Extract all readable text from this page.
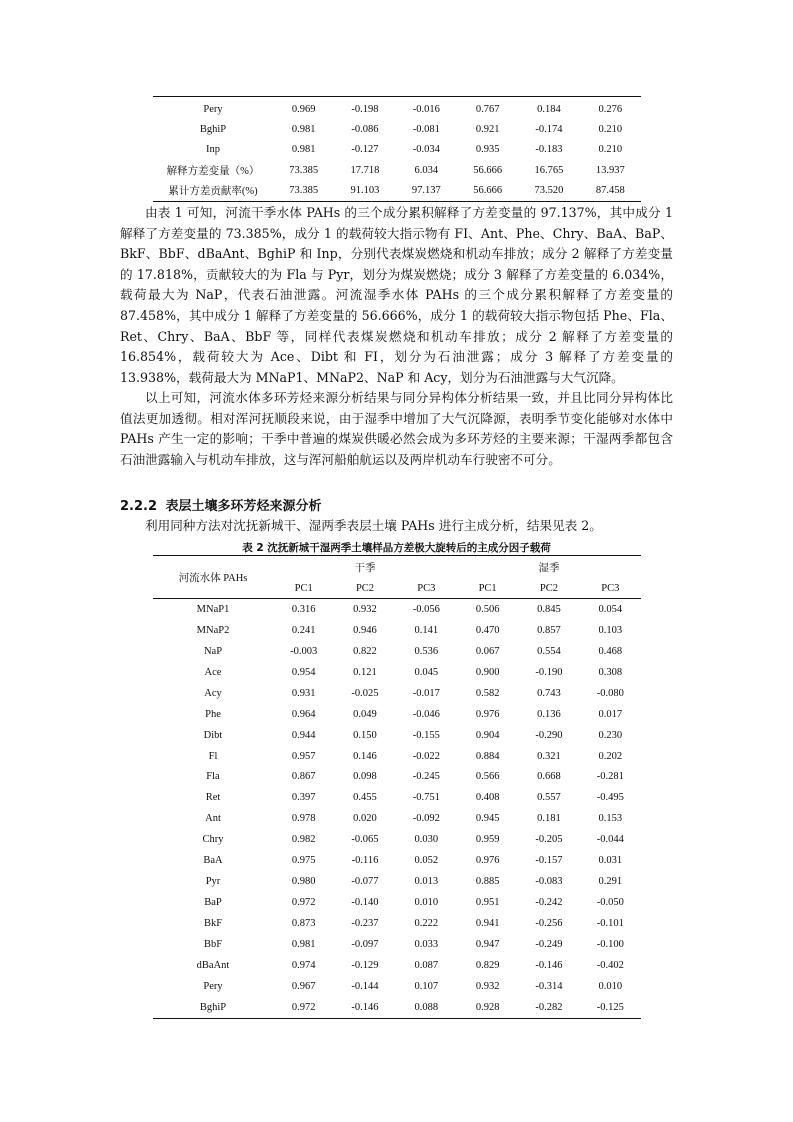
Pery	0.969	-0.198	-0.016	0.767	0.184	0.276
BghiP	0.981	-0.086	-0.081	0.921	-0.174	0.210
Inp	0.981	-0.127	-0.034	0.935	-0.183	0.210
解释方差变量（%）	73.385	17.718	6.034	56.666	16.765	13.937
累计方差贡献率(%)	73.385	91.103	97.137	56.666	73.520	87.458

由表 1 可知，河流干季水体 PAHs 的三个成分累积解释了方差变量的 97.137%，其中成分 1 解释了方差变量的 73.385%，成分 1 的载荷较大指示物有 FI、Ant、Phe、Chry、BaA、BaP、BkF、BbF、dBaAnt、BghiP 和 Inp，分别代表煤炭燃烧和机动车排放；成分 2 解释了方差变量的 17.818%，贡献较大的为 Fla 与 Pyr，划分为煤炭燃烧；成分 3 解释了方差变量的 6.034%，载荷最大为 NaP，代表石油泄露。河流湿季水体 PAHs 的三个成分累积解释了方差变量的 87.458%，其中成分 1 解释了方差变量的 56.666%，成分 1 的载荷较大指示物包括 Phe、Fla、Ret、Chry、BaA、BbF 等，同样代表煤炭燃烧和机动车排放；成分 2 解释了方差变量的 16.854%，载荷较大为 Ace、Dibt 和 FI，划分为石油泄露；成分 3 解释了方差变量的 13.938%，载荷最大为 MNaP1、MNaP2、NaP 和 Acy，划分为石油泄露与大气沉降。

以上可知，河流水体多环芳烃来源分析结果与同分异构体分析结果一致，并且比同分异构体比值法更加透彻。相对浑河抚顺段来说，由于湿季中增加了大气沉降源，表明季节变化能够对水体中 PAHs 产生一定的影响；干季中普遍的煤炭供暖必然会成为多环芳烃的主要来源；干湿两季都包含石油泄露输入与机动车排放，这与浑河船舶航运以及两岸机动车行驶密不可分。

2.2.2 表层土壤多环芳烃来源分析
利用同种方法对沈抚新城干、湿两季表层土壤 PAHs 进行主成分析，结果见表 2。
表 2 沈抚新城干湿两季土壤样品方差极大旋转后的主成分因子载荷
河流水体 PAHs	干季			湿季		
	PC1	PC2	PC3	PC1	PC2	PC3
MNaP1	0.316	0.932	-0.056	0.506	0.845	0.054
MNaP2	0.241	0.946	0.141	0.470	0.857	0.103
NaP	-0.003	0.822	0.536	0.067	0.554	0.468
Ace	0.954	0.121	0.045	0.900	-0.190	0.308
Acy	0.931	-0.025	-0.017	0.582	0.743	-0.080
Phe	0.964	0.049	-0.046	0.976	0.136	0.017
Dibt	0.944	0.150	-0.155	0.904	-0.290	0.230
Fl	0.957	0.146	-0.022	0.884	0.321	0.202
Fla	0.867	0.098	-0.245	0.566	0.668	-0.281
Ret	0.397	0.455	-0.751	0.408	0.557	-0.495
Ant	0.978	0.020	-0.092	0.945	0.181	0.153
Chry	0.982	-0.065	0.030	0.959	-0.205	-0.044
BaA	0.975	-0.116	0.052	0.976	-0.157	0.031
Pyr	0.980	-0.077	0.013	0.885	-0.083	0.291
BaP	0.972	-0.140	0.010	0.951	-0.242	-0.050
BkF	0.873	-0.237	0.222	0.941	-0.256	-0.101
BbF	0.981	-0.097	0.033	0.947	-0.249	-0.100
dBaAnt	0.974	-0.129	0.087	0.829	-0.146	-0.402
Pery	0.967	-0.144	0.107	0.932	-0.314	0.010
BghiP	0.972	-0.146	0.088	0.928	-0.282	-0.125
